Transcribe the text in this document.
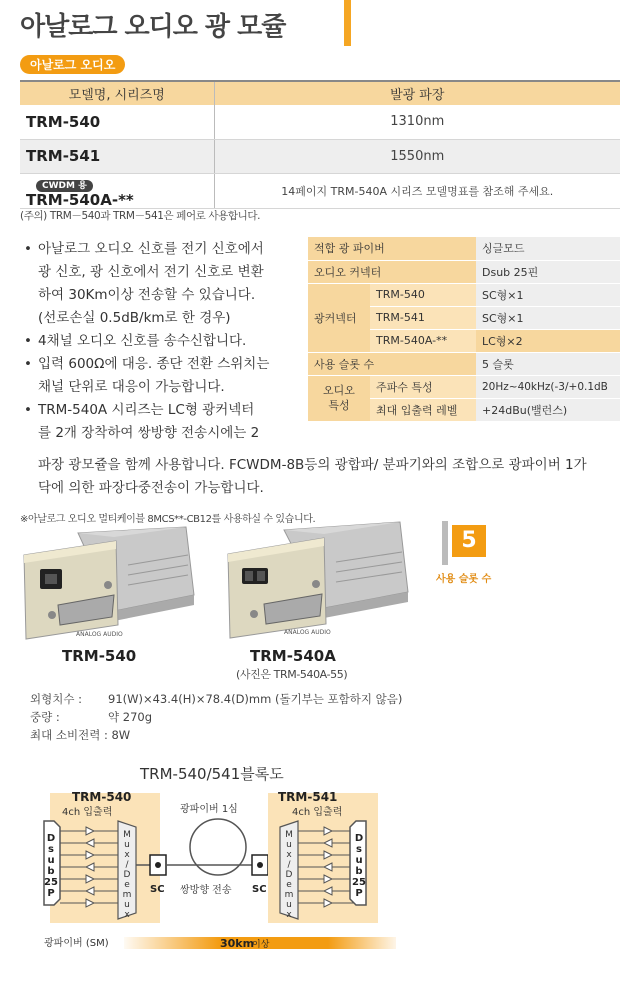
아날로그 오디오 광 모쥴
아날로그 오디오
모델명, 시리즈명	발광 파장
TRM-540	1310nm
TRM-541	1550nm
CWDM 용
TRM-540A-**	14페이지 TRM-540A 시리즈 모델명표를 참조해 주세요.
(주의) TRM－540과 TRM－541은 페어로 사용합니다.
• 아날로그 오디오 신호를 전기 신호에서
광 신호, 광 신호에서 전기 신호로 변환
하여 30Km이상 전송할 수 있습니다.
(선로손실 0.5dB/km로 한 경우)
• 4채널 오디오 신호를 송수신합니다.
• 입력 600Ω에 대응. 종단 전환 스위치는
채널 단위로 대응이 가능합니다.
• TRM-540A 시리즈는 LC형 광커넥터
를 2개 장착하여 쌍방향 전송시에는 2
파장 광모쥴을 함께 사용합니다. FCWDM-8B등의 광합파/ 분파기와의 조합으로 광파이버 1가
닥에 의한 파장다중전송이 가능합니다.
적합 광 파이버		싱글모드
오디오 커넥터		Dsub 25핀
광커넥터	TRM-540	SC형×1
	TRM-541	SC형×1
	TRM-540A-**	LC형×2
사용 슬롯 수		5 슬롯

오디오
특성	주파수 특성	20Hz~40kHz(-3/+0.1dB
	최대 입출력 레벨	+24dBu(밸런스)
※아날로그 오디오 멀티케이블 8MCS**-CB12를 사용하실 수 있습니다.
5
사용 슬롯 수
ANALOG AUDIO
TRM-540
ANALOG AUDIO
TRM-540A
(사진은 TRM-540A-55)
외형치수 : 91(W)×43.4(H)×78.4(D)mm (돌기부는 포함하지 않음)
중량 :	약 270g
최대 소비전력 : 8W
TRM-540/541블록도
TRM-540
4ch 입출력
D
s
u
b
25
P
M
u
x
/
D
e
m
u
x
SC
광파이버 1심
쌍방향 전송 SC
TRM-541
4ch 입출력
M
u
x
/
D
e
m
u
x
D
s
u
b
25
P
광파이버 (SM)	30km
이상
